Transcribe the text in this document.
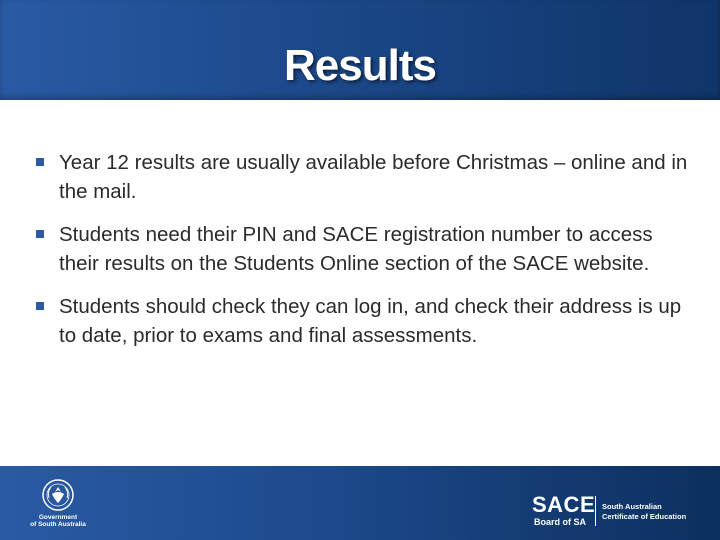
Results
Year 12 results are usually available before Christmas – online and in the mail.
Students need their PIN and SACE registration number to access their results on the Students Online section of the SACE website.
Students should check they can log in, and check their address is up to date, prior to exams and final assessments.
Government
of South Australia
SACE
Board of SA
South Australian
Certificate of Education
